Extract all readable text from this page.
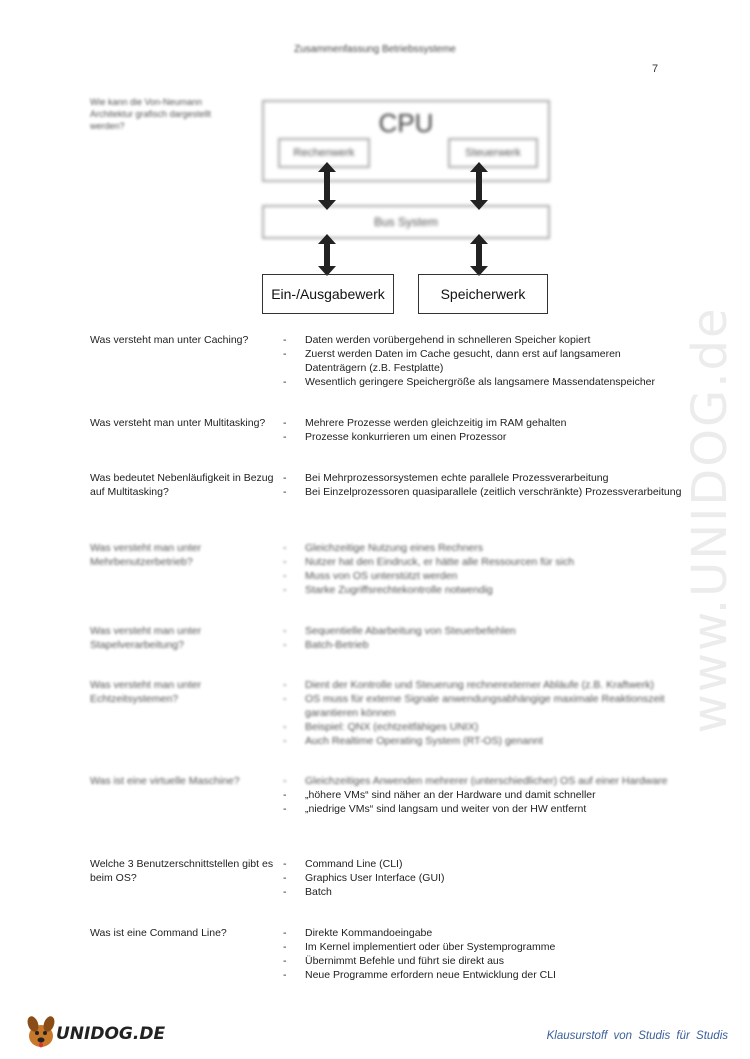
Zusammenfassung Betriebssysteme
7
www.UNIDOG.de
Wie kann die Von-Neumann Architektur grafisch dargestellt werden?	CPU
Rechenwerk	Steuerwerk
Bus System
Ein-/Ausgabewerk	Speicherwerk
Was versteht man unter Caching?	- Daten werden vorübergehend in schnelleren Speicher kopiert
- Zuerst werden Daten im Cache gesucht, dann erst auf langsameren Datenträgern (z.B. Festplatte)
- Wesentlich geringere Speichergröße als langsamere Massendatenspeicher
Was versteht man unter Multitasking?	- Mehrere Prozesse werden gleichzeitig im RAM gehalten
- Prozesse konkurrieren um einen Prozessor
Was bedeutet Nebenläufigkeit in Bezug auf Multitasking?
- Bei Mehrprozessorsystemen echte parallele Prozessverarbeitung
- Bei Einzelprozessoren quasiparallele (zeitlich verschränkte) Prozessverarbeitung
Was versteht man unter Mehrbenutzerbetrieb?
- Gleichzeitige Nutzung eines Rechners
- Nutzer hat den Eindruck, er hätte alle Ressourcen für sich
- Muss von OS unterstützt werden
- Starke Zugriffsrechtekontrolle notwendig
Was versteht man unter Stapelverarbeitung?
- Sequentielle Abarbeitung von Steuerbefehlen
- Batch-Betrieb
Was versteht man unter Echtzeitsystemen?
- Dient der Kontrolle und Steuerung rechnerexterner Abläufe (z.B. Kraftwerk)
- OS muss für externe Signale anwendungsabhängige maximale Reaktionszeit garantieren können
- Beispiel: QNX (echtzeitfähiges UNIX)
- Auch Realtime Operating System (RT-OS) genannt
Was ist eine virtuelle Maschine?	- Gleichzeitiges Anwenden mehrerer (unterschiedlicher) OS auf einer Hardware
- „höhere VMs“ sind näher an der Hardware und damit schneller
- „niedrige VMs“ sind langsam und weiter von der HW entfernt
Welche 3 Benutzerschnittstellen gibt es beim OS?
- Command Line (CLI)
- Graphics User Interface (GUI)
- Batch
Was ist eine Command Line?	- Direkte Kommandoeingabe
- Im Kernel implementiert oder über Systemprogramme
- Übernimmt Befehle und führt sie direkt aus
- Neue Programme erfordern neue Entwicklung der CLI
UNIDOG.DE	Klausurstoff von Studis für Studis
